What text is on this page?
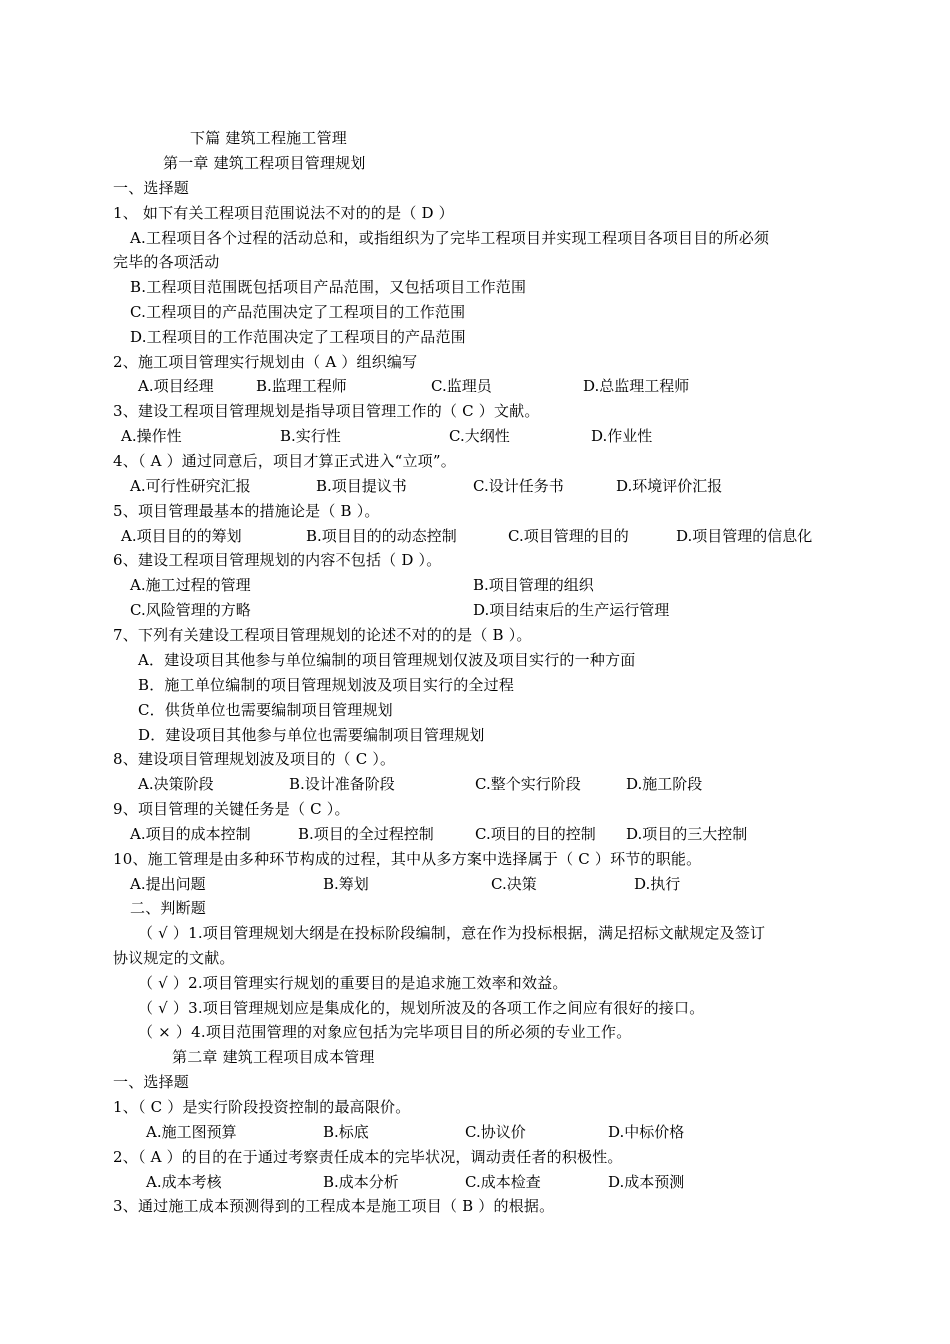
下篇 建筑工程施工管理
第一章 建筑工程项目管理规划
一、选择题
1、 如下有关工程项目范围说法不对的的是（ D ）
A.工程项目各个过程的活动总和，或指组织为了完毕工程项目并实现工程项目各项目目的所必须
完毕的各项活动
B.工程项目范围既包括项目产品范围，又包括项目工作范围
C.工程项目的产品范围决定了工程项目的工作范围
D.工程项目的工作范围决定了工程项目的产品范围
2、施工项目管理实行规划由（ A ）组织编写

A.项目经理

	B.监理工程师

	C.监理员

	D.总监理工程师

3、建设工程项目管理规划是指导项目管理工作的（ C ）文献。

A.操作性

	B.实行性

	C.大纲性

	D.作业性

4、（ A ）通过同意后，项目才算正式进入“立项”。

A.可行性研究汇报

	B.项目提议书

	C.设计任务书

	D.环境评价汇报

5、项目管理最基本的措施论是（ B ）。

A.项目目的的筹划

	B.项目目的的动态控制

	C.项目管理的目的

	D.项目管理的信息化

6、建设工程项目管理规划的内容不包括（ D ）。

A.施工过程的管理

	B.项目管理的组织

C.风险管理的方略

	D.项目结束后的生产运行管理

7、下列有关建设工程项目管理规划的论述不对的的是（ B ）。
A．建设项目其他参与单位编制的项目管理规划仅波及项目实行的一种方面
B．施工单位编制的项目管理规划波及项目实行的全过程
C．供货单位也需要编制项目管理规划
D．建设项目其他参与单位也需要编制项目管理规划
8、建设项目管理规划波及项目的（ C ）。

A.决策阶段

	B.设计准备阶段

	C.整个实行阶段

	D.施工阶段

9、项目管理的关键任务是（ C ）。

A.项目的成本控制

	B.项目的全过程控制

	C.项目的目的控制

D.项目的三大控制

10、施工管理是由多种环节构成的过程，其中从多方案中选择属于（ C ）环节的职能。

A.提出问题

	B.筹划

	C.决策

	D.执行

二、判断题
（ √ ）1.项目管理规划大纲是在投标阶段编制，意在作为投标根据，满足招标文献规定及签订
协议规定的文献。
（ √ ）2.项目管理实行规划的重要目的是追求施工效率和效益。
（ √ ）3.项目管理规划应是集成化的，规划所波及的各项工作之间应有很好的接口。
（ × ）4.项目范围管理的对象应包括为完毕项目目的所必须的专业工作。
第二章 建筑工程项目成本管理
一、选择题
1、（ C ）是实行阶段投资控制的最高限价。

A.施工图预算

	B.标底

	C.协议价

	D.中标价格

2、（ A ）的目的在于通过考察责任成本的完毕状况，调动责任者的积极性。

A.成本考核

	B.成本分析

	C.成本检查

	D.成本预测

3、通过施工成本预测得到的工程成本是施工项目（ B ）的根据。
